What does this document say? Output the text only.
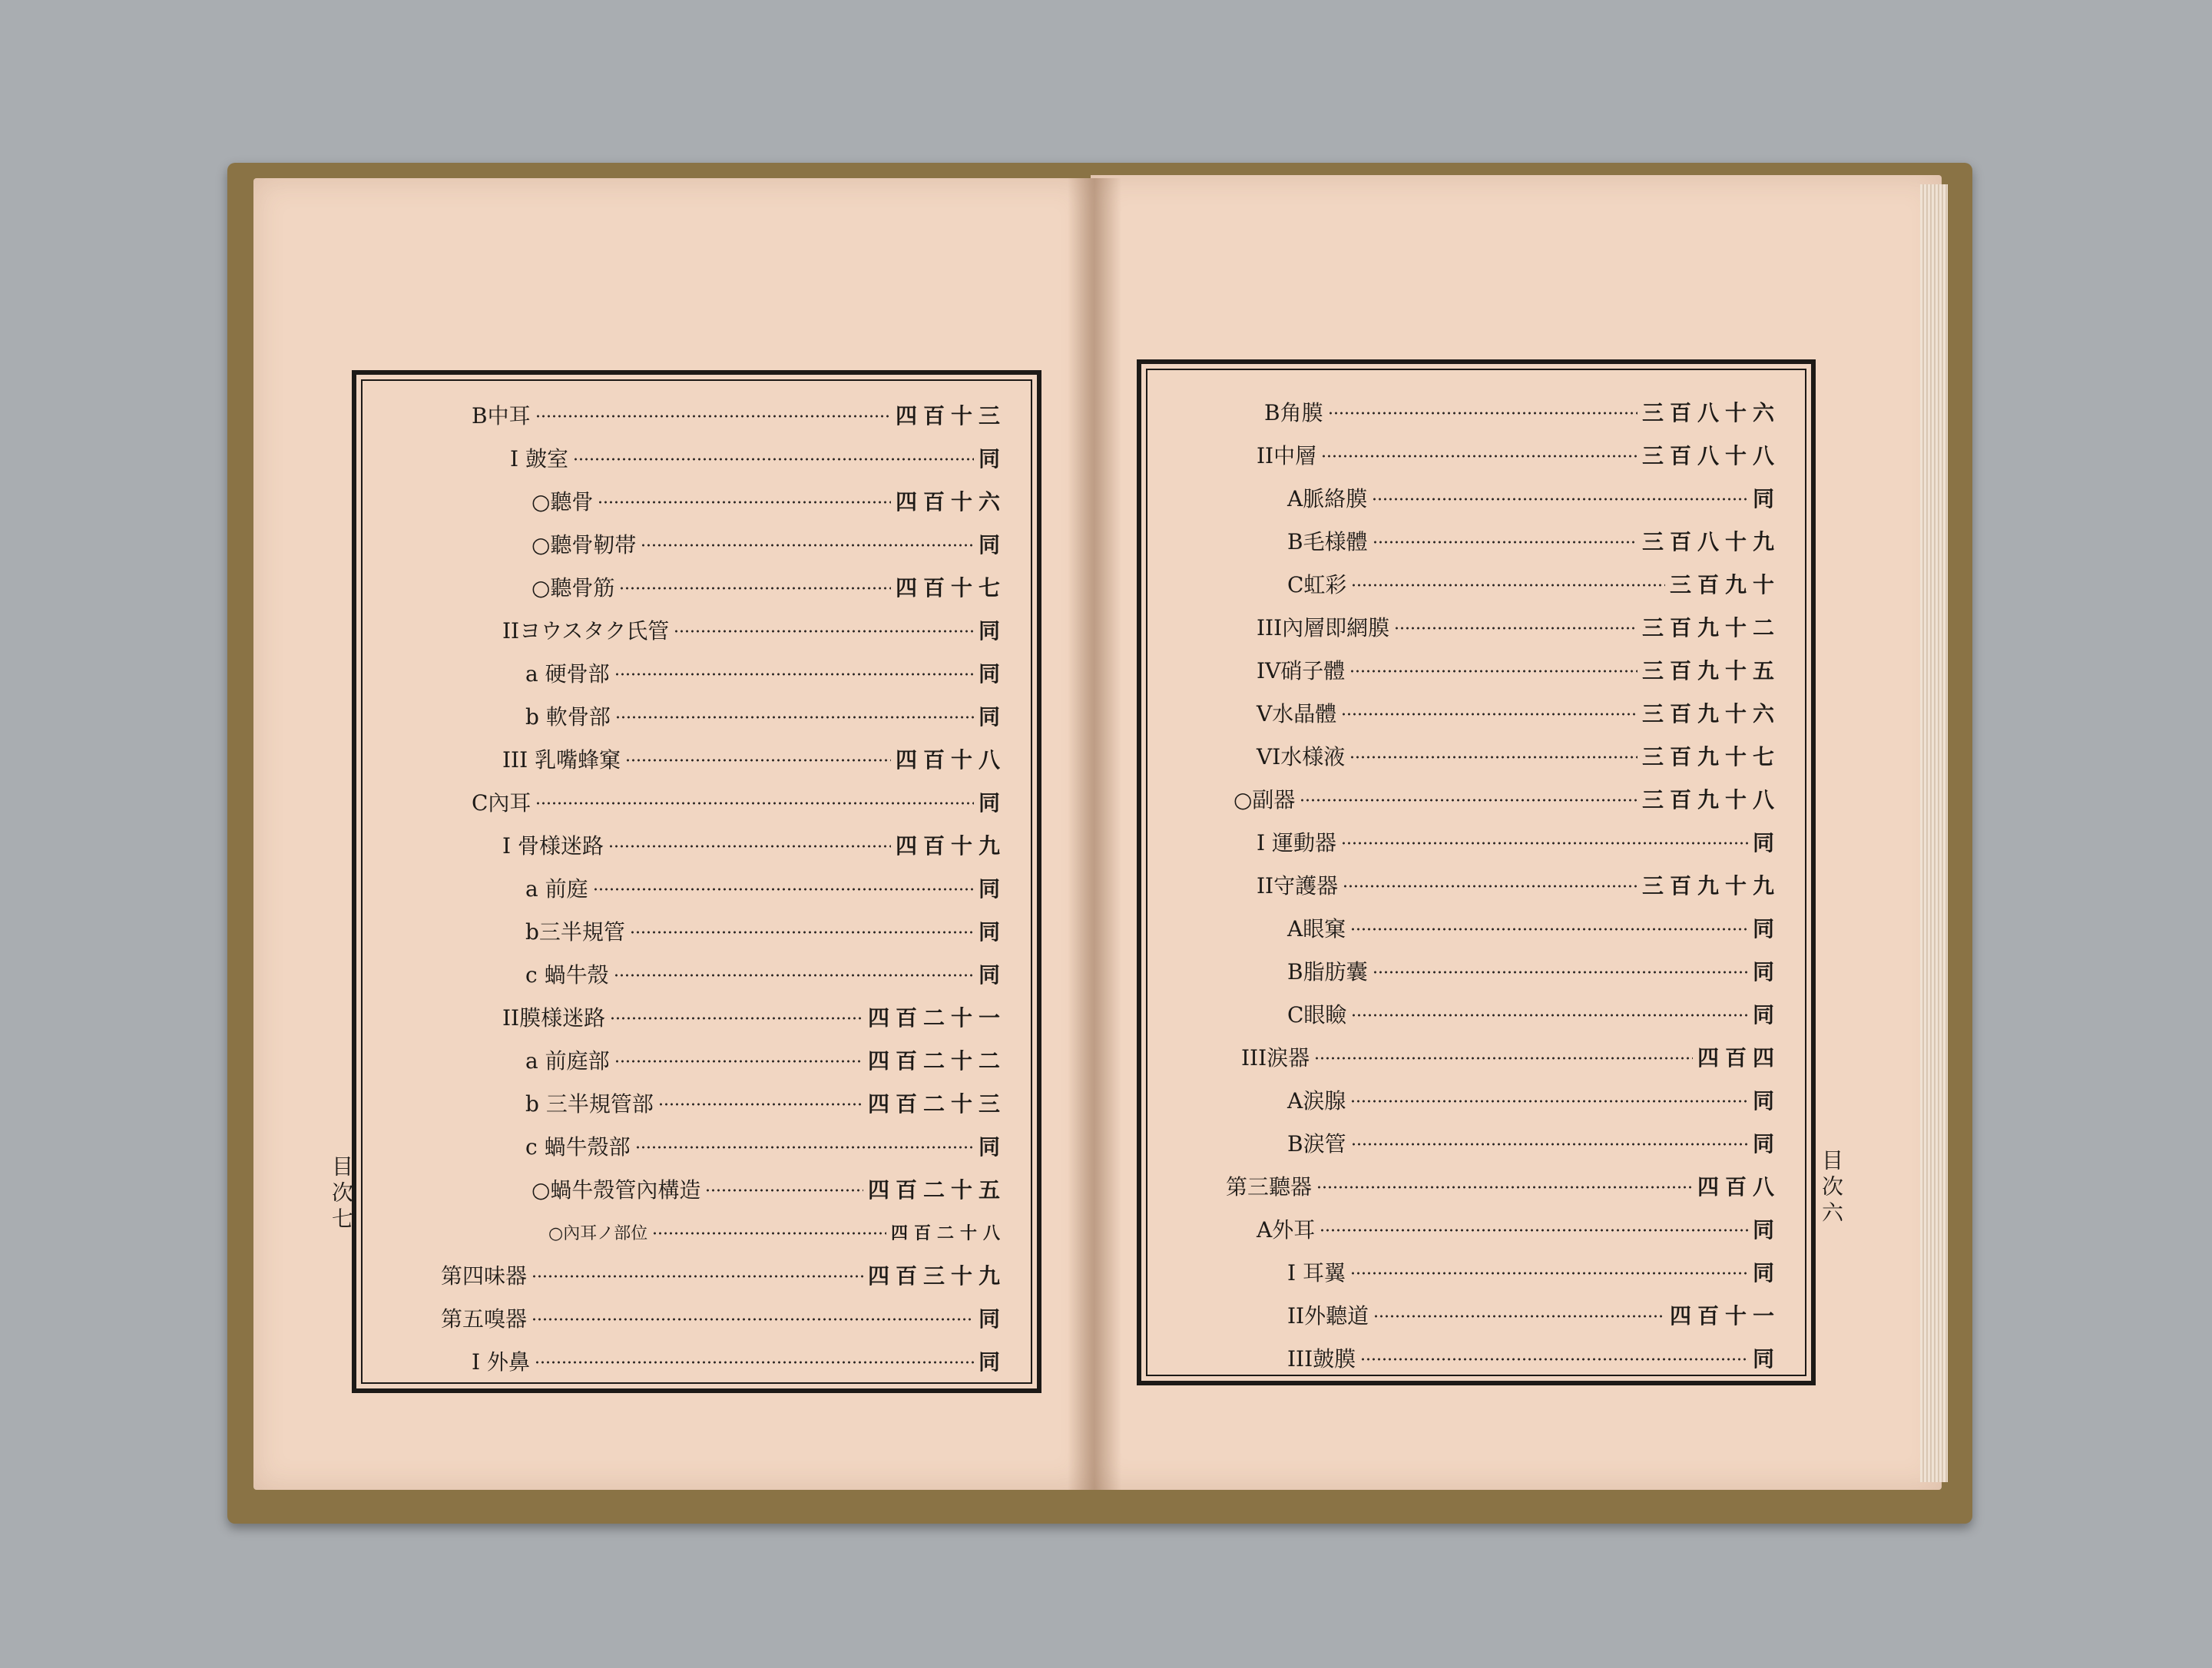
B中耳	四百十三
I 皷室	同
○聽骨	四百十六
○聽骨靭帯	同
○聽骨筋	四百十七
IIヨウスタク氏管	同
a 硬骨部	同
b 軟骨部	同
III 乳嘴蜂窠	四百十八
C內耳	同
I 骨様迷路	四百十九
a 前庭	同
b三半規管	同
c 蝸牛殼	同
II膜様迷路	四百二十一
a 前庭部	四百二十二
b 三半規管部	四百二十三
c 蝸牛殼部	同
○蝸牛殼管內構造	四百二十五
○內耳ノ部位	四百二十八
第四味器	四百三十九
第五嗅器	同
I 外鼻	同
B角膜	三百八十六
II中層	三百八十八
A脈絡膜	同
B毛様體	三百八十九
C虹彩	三百九十
III內層即網膜	三百九十二
IV硝子體	三百九十五
V水晶體	三百九十六
VI水様液	三百九十七
○副器	三百九十八
I 運動器	同
II守護器	三百九十九
A眼窠	同
B脂肪囊	同
C眼瞼	同
III涙器	四百四
A涙腺	同
B涙管	同
第三聽器	四百八
A外耳	同
I 耳翼	同
II外聽道	四百十一
III皷膜	同
目次七	目次六
